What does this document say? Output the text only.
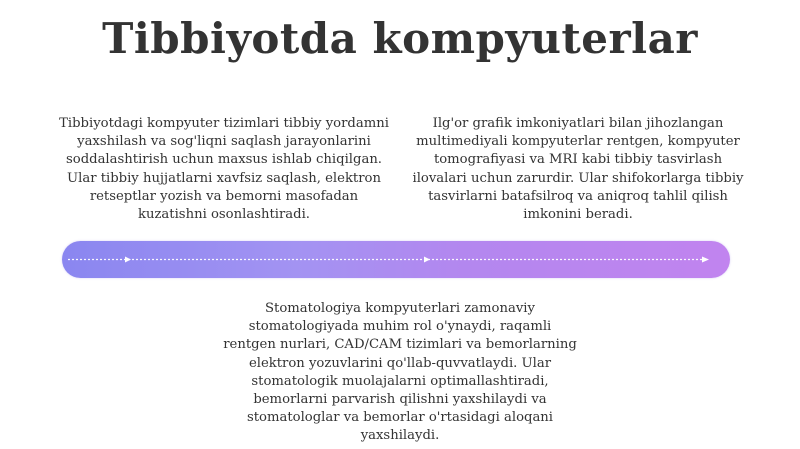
Tibbiyotda kompyuterlar

Tibbiyotdagi kompyuter tizimlari tibbiy yordamni yaxshilash va sog'liqni saqlash jarayonlarini soddalashtirish uchun maxsus ishlab chiqilgan. Ular tibbiy hujjatlarni xavfsiz saqlash, elektron retseptlar yozish va bemorni masofadan kuzatishni osonlashtiradi.

Ilg'or grafik imkoniyatlari bilan jihozlangan multimediyali kompyuterlar rentgen, kompyuter tomografiyasi va MRI kabi tibbiy tasvirlash ilovalari uchun zarurdir. Ular shifokorlarga tibbiy tasvirlarni batafsilroq va aniqroq tahlil qilish imkonini beradi.

Stomatologiya kompyuterlari zamonaviy stomatologiyada muhim rol o'ynaydi, raqamli rentgen nurlari, CAD/CAM tizimlari va bemorlarning elektron yozuvlarini qo'llab-quvvatlaydi. Ular stomatologik muolajalarni optimallashtiradi, bemorlarni parvarish qilishni yaxshilaydi va stomatologlar va bemorlar o'rtasidagi aloqani yaxshilaydi.
